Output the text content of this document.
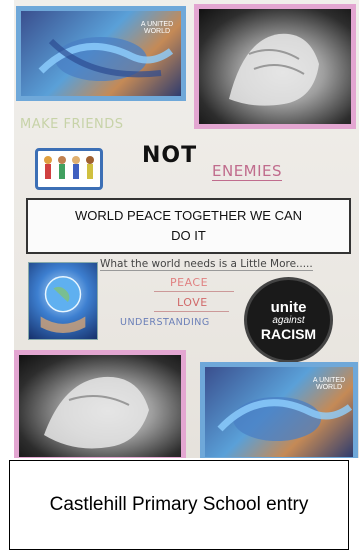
A UNITED WORLD
MAKE FRIENDS
NOT
ENEMIES
WORLD PEACE TOGETHER WE CAN DO IT
What the world needs is a Little More.....
PEACE
LOVE
UNDERSTANDING
unite
against
RACISM
A UNITED WORLD
Castlehill Primary School entry
